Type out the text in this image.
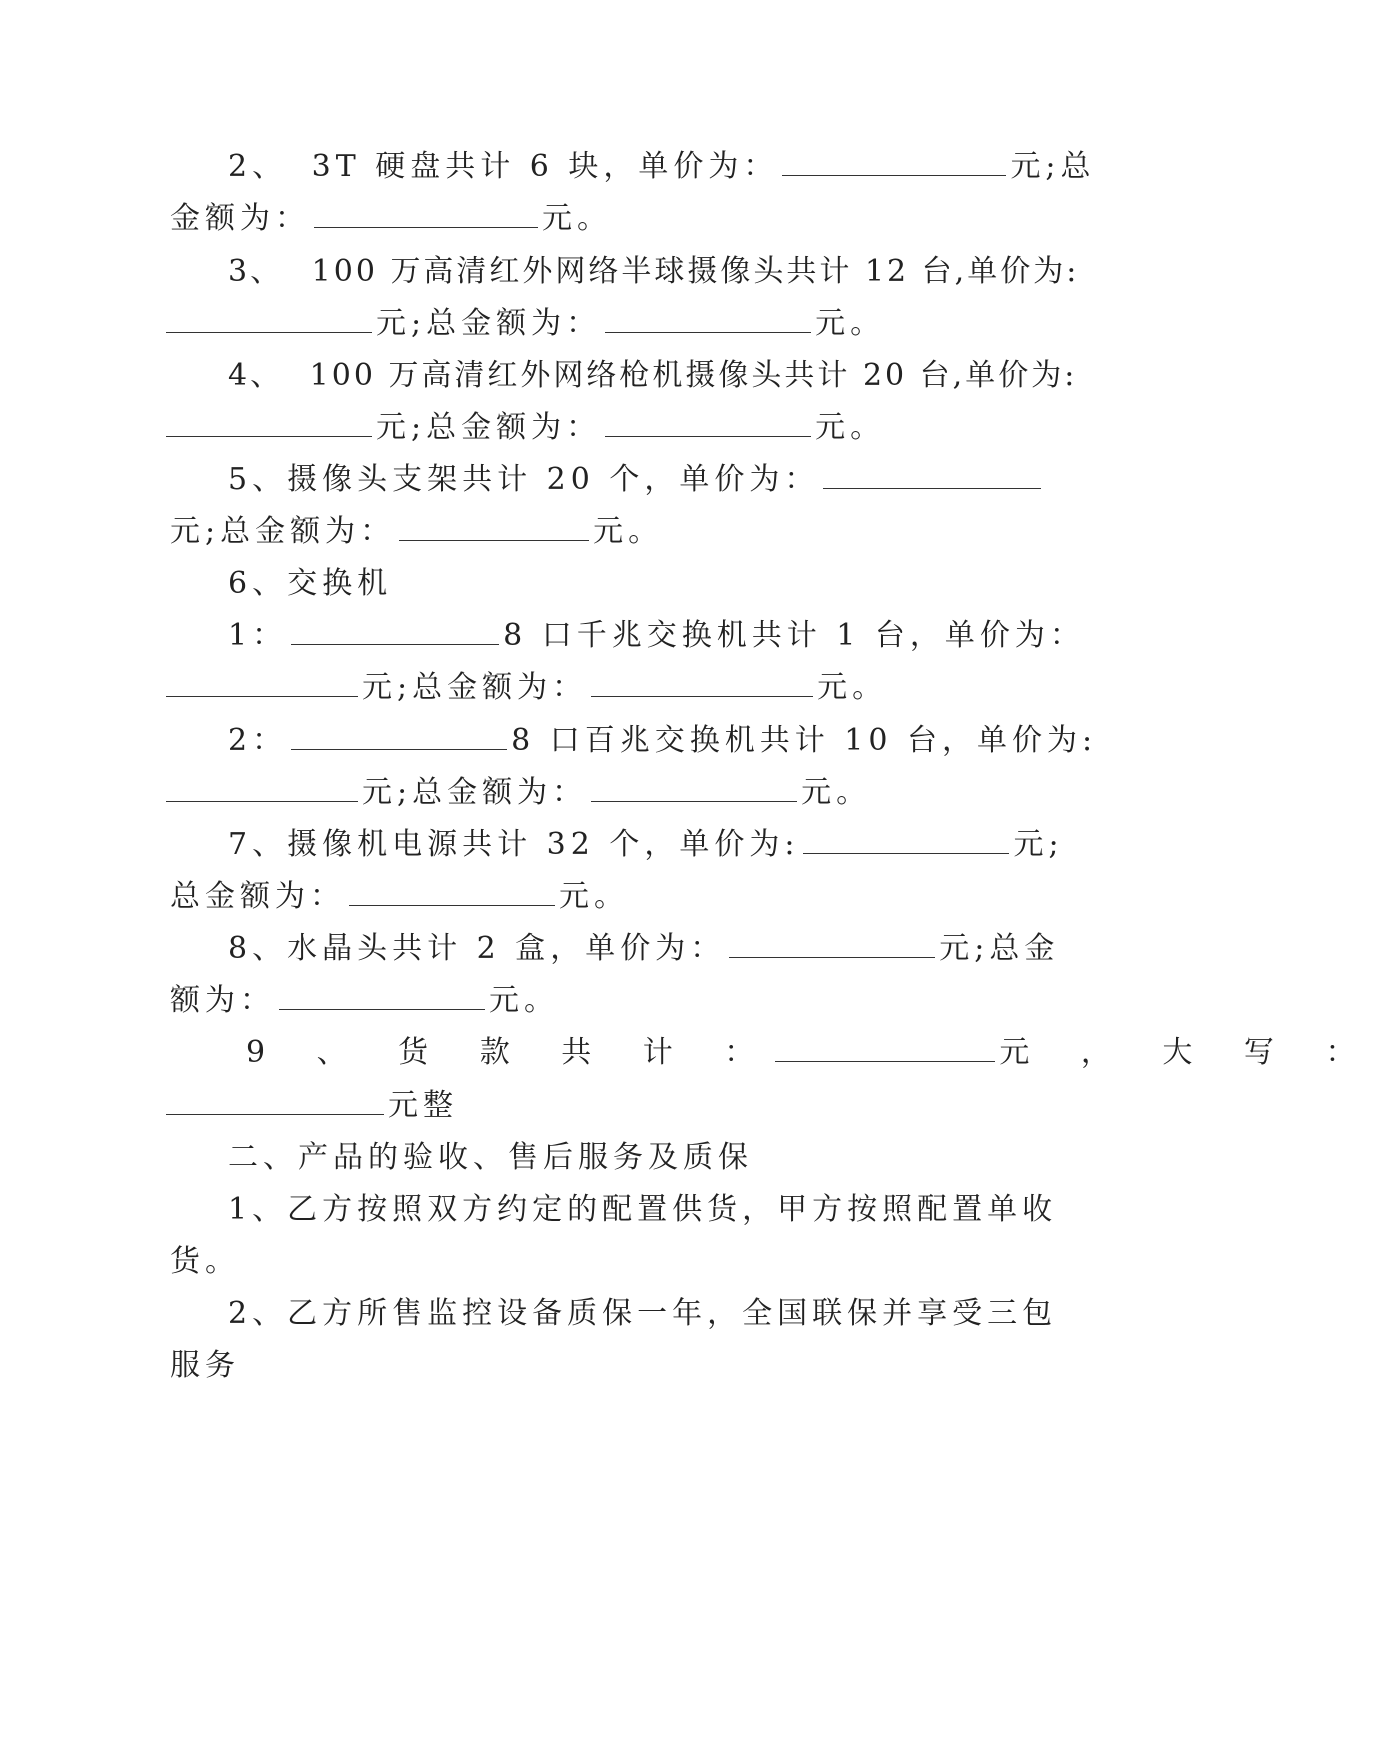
2、 3T 硬盘共计 6 块，单价为：	元;总
金额为：	元。
3、 100 万高清红外网络半球摄像头共计 12 台,单价为:
元;总金额为：	元。
4、 100 万高清红外网络枪机摄像头共计 20 台,单价为:
元;总金额为：	元。
5、摄像头支架共计 20 个，单价为：
元;总金额为：	元。
6、交换机
1：	8 口千兆交换机共计 1 台，单价为：
元;总金额为：	元。
2：	8 口百兆交换机共计 10 台，单价为:
元;总金额为：	元。
7、摄像机电源共计 32 个，单价为:	元;
总金额为：	元。
8、水晶头共计 2 盒，单价为：	元;总金
额为：	元。
9 、 货 款 共 计 ：	元 ， 大 写 ：
元整
二、产品的验收、售后服务及质保
1、乙方按照双方约定的配置供货，甲方按照配置单收
货。
2、乙方所售监控设备质保一年，全国联保并享受三包
服务
